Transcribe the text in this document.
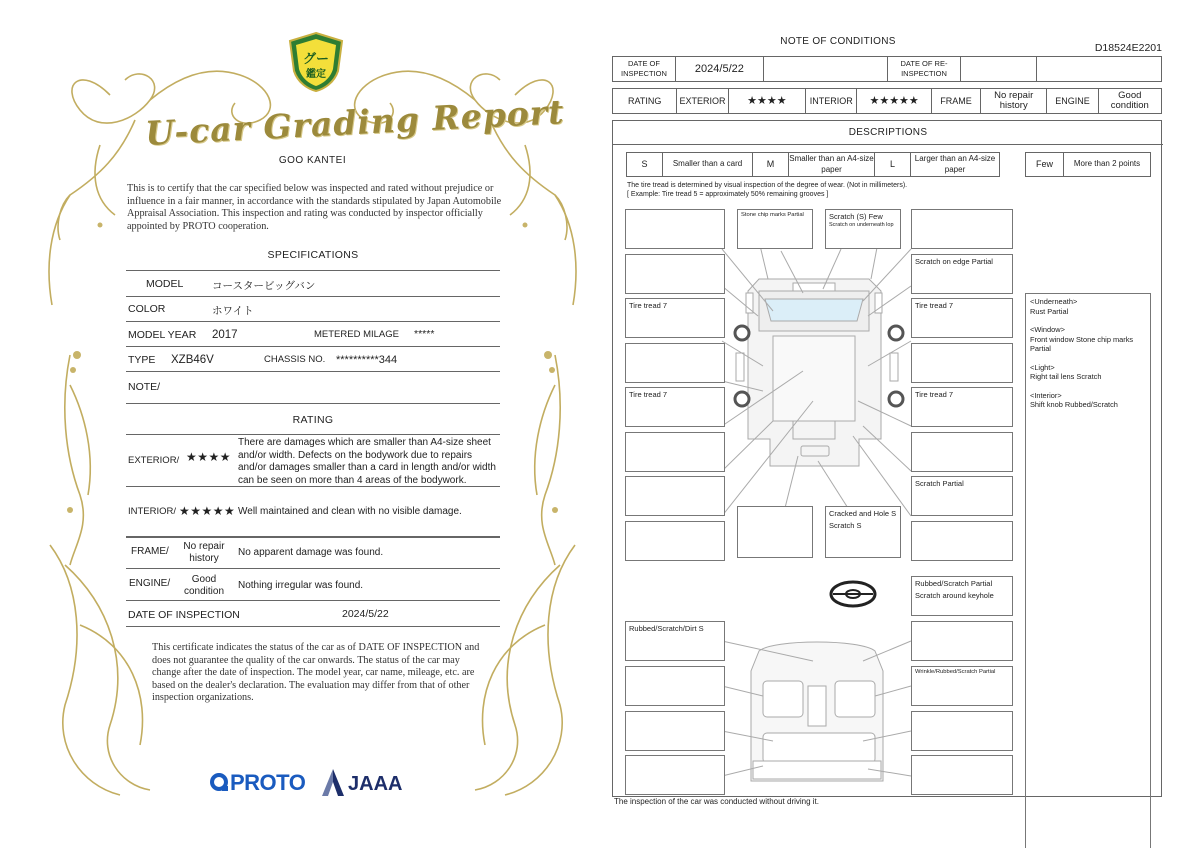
グー
鑑定
U-car Grading Report
GOO KANTEI
This is to certify that the car specified below was inspected and rated without prejudice or influence in a fair manner, in accordance with the standards stipulated by Japan Automobile Appraisal Association. This inspection and rating was conducted by inspector officially appointed by PROTO cooperation.
SPECIFICATIONS
MODEL	コースタービッグバン
COLOR	ホワイト
MODEL YEAR 2017	METERED MILAGE *****
TYPE XZB46V	CHASSIS NO. **********344
NOTE/
RATING
EXTERIOR/ ★★★★
There are damages which are smaller than A4-size sheet and/or width. Defects on the bodywork due to repairs and/or damages smaller than a card in length and/or width can be seen on more than 4 areas of the bodywork.
INTERIOR/ ★★★★★ Well maintained and clean with no visible damage.
FRAME/	No repair history	No apparent damage was found.
ENGINE/	Good condition	Nothing irregular was found.
DATE OF INSPECTION	2024/5/22
This certificate indicates the status of the car as of DATE OF INSPECTION and does not guarantee the quality of the car onwards. The status of the car may change after the date of inspection. The model year, car name, mileage, etc. are based on the dealer's declaration. The evaluation may differ from that of other inspection organizations.
PROTO JAAA
NOTE OF CONDITIONS
D18524E2201
DATE OF INSPECTION	2024/5/22		DATE OF RE-INSPECTION		
RATING	EXTERIOR	★★★★	INTERIOR	★★★★★	FRAME	No repair history	ENGINE	Good condition
DESCRIPTIONS
S	Smaller than a card	M	Smaller than an A4-size paper	L	Larger than an A4-size paper	Few	More than 2 points
The tire tread is determined by visual inspection of the degree of wear. (Not in millimeters).
[ Example: Tire tread 5 = approximately 50% remaining grooves ]
Tire tread 7
Tire tread 7
Rubbed/Scratch/Dirt S
Stone chip marks Partial	Scratch (S) Few
Scratch on underneath lop
Scratch on edge Partial
Tire tread 7
Tire tread 7
Scratch Partial
Rubbed/Scratch Partial
Scratch around keyhole
Wrinkle/Rubbed/Scratch Partial
Cracked and Hole S
Scratch S
<Underneath>
Rust Partial
<Window>
Front window Stone chip marks Partial
<Light>
Right tail lens Scratch
<Interior>
Shift knob Rubbed/Scratch
The inspection of the car was conducted without driving it.
